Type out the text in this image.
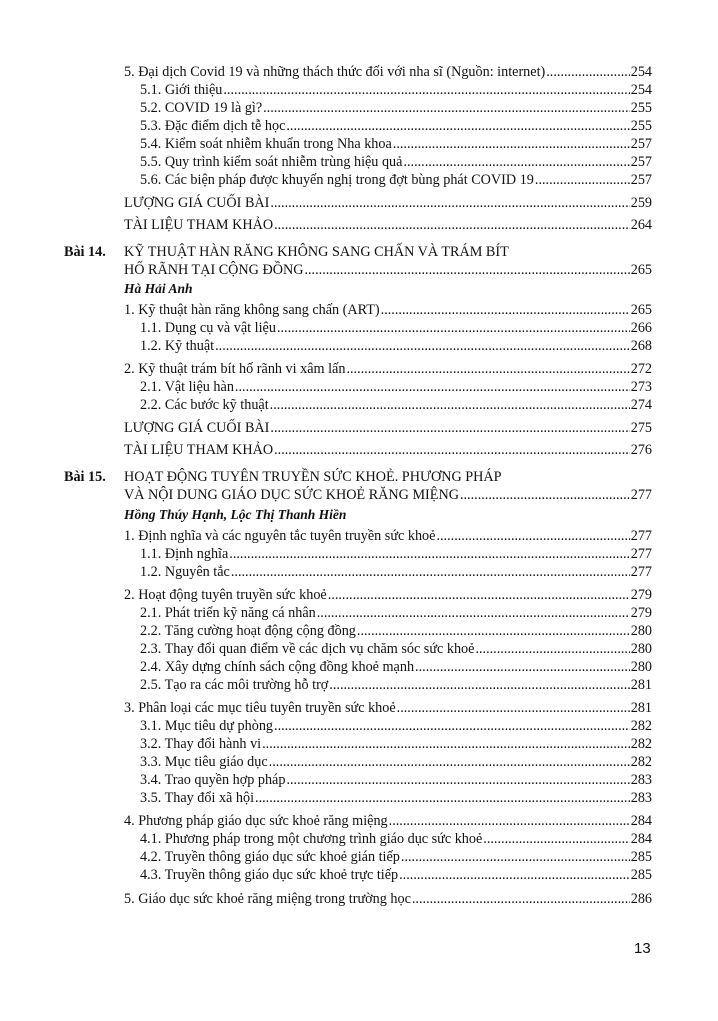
5. Đại dịch Covid 19 và những thách thức đối với nha sĩ (Nguồn: internet) .....	254
5.1. Giới thiệu .....	254
5.2. COVID 19 là gì? .....	255
5.3. Đặc điểm dịch tễ học .....	255
5.4. Kiểm soát nhiễm khuẩn trong Nha khoa .....	257
5.5. Quy trình kiểm soát nhiễm trùng hiệu quả .....	257
5.6. Các biện pháp được khuyến nghị trong đợt bùng phát COVID 19 .....	257
LƯỢNG GIÁ CUỐI BÀI .....	259
TÀI LIỆU THAM KHẢO .....	264
Bài 14. KỸ THUẬT HÀN RĂNG KHÔNG SANG CHẤN VÀ TRÁM BÍT
HỐ RÃNH TẠI CỘNG ĐỒNG .....	265
Hà Hải Anh
1. Kỹ thuật hàn răng không sang chấn (ART) .....	265
1.1. Dụng cụ và vật liệu .....	266
1.2. Kỹ thuật .....	268
2. Kỹ thuật trám bít hố rãnh vi xâm lấn .....	272
2.1. Vật liệu hàn .....	273
2.2. Các bước kỹ thuật .....	274
LƯỢNG GIÁ CUỐI BÀI .....	275
TÀI LIỆU THAM KHẢO .....	276
Bài 15. HOẠT ĐỘNG TUYÊN TRUYỀN SỨC KHOẺ. PHƯƠNG PHÁP
VÀ NỘI DUNG GIÁO DỤC SỨC KHOẺ RĂNG MIỆNG .....	277
Hồng Thúy Hạnh, Lộc Thị Thanh Hiền
1. Định nghĩa và các nguyên tắc tuyên truyền sức khoẻ .....	277
1.1. Định nghĩa .....	277
1.2. Nguyên tắc .....	277
2. Hoạt động tuyên truyền sức khoẻ .....	279
2.1. Phát triển kỹ năng cá nhân .....	279
2.2. Tăng cường hoạt động cộng đồng .....	280
2.3. Thay đổi quan điểm về các dịch vụ chăm sóc sức khoẻ .....	280
2.4. Xây dựng chính sách cộng đồng khoẻ mạnh .....	280
2.5. Tạo ra các môi trường hỗ trợ .....	281
3. Phân loại các mục tiêu tuyên truyền sức khoẻ .....	281
3.1. Mục tiêu dự phòng .....	282
3.2. Thay đổi hành vi .....	282
3.3. Mục tiêu giáo dục .....	282
3.4. Trao quyền hợp pháp .....	283
3.5. Thay đổi xã hội .....	283
4. Phương pháp giáo dục sức khoẻ răng miệng .....	284
4.1. Phương pháp trong một chương trình giáo dục sức khoẻ .....	284
4.2. Truyền thông giáo dục sức khoẻ gián tiếp .....	285
4.3. Truyền thông giáo dục sức khoẻ trực tiếp .....	285
5. Giáo dục sức khoẻ răng miệng trong trường học .....	286
13
